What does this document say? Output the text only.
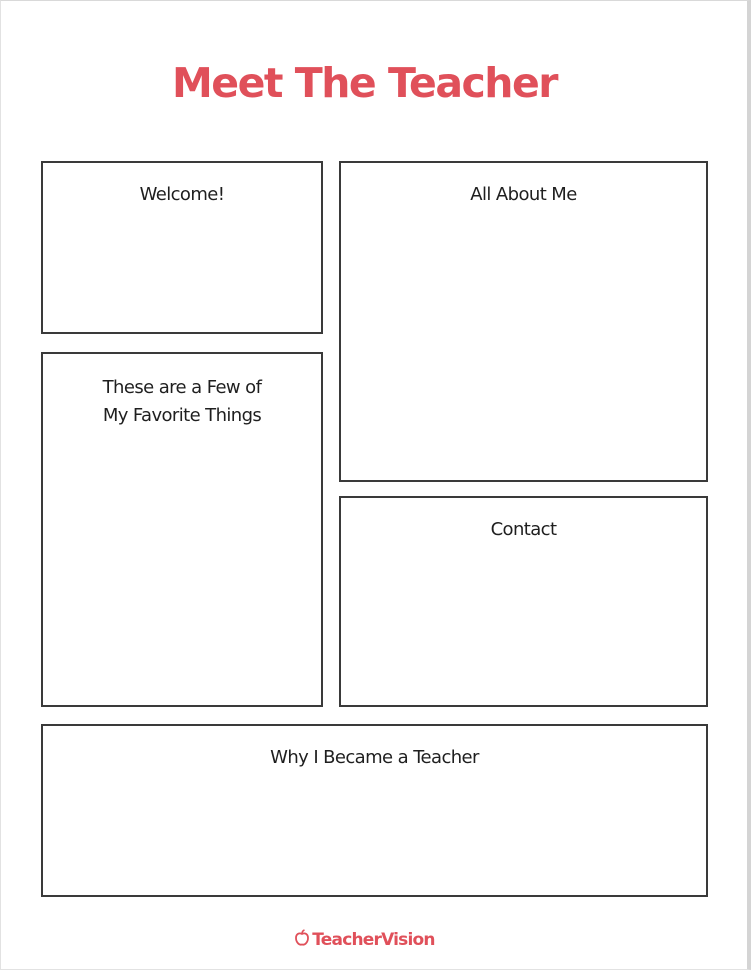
Meet The Teacher
Welcome!	All About Me
These are a Few of
My Favorite Things
Contact
Why I Became a Teacher
TeacherVision
